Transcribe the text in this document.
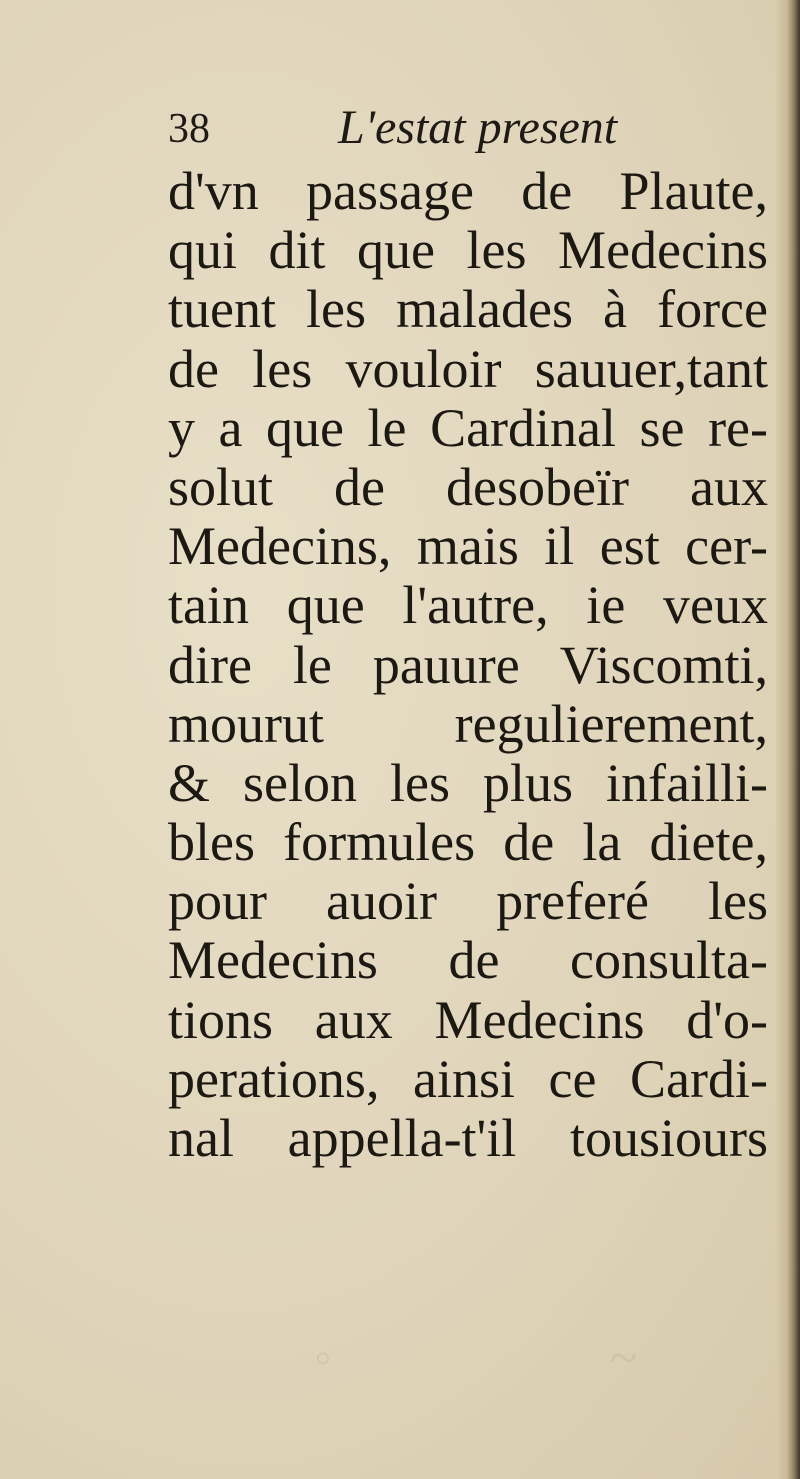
38	L'estat present
d'vn passage de Plaute,
qui dit que les Medecins
tuent les malades à force
de les vouloir sauuer,tant
y a que le Cardinal se re-
solut de desobeïr aux
Medecins, mais il est cer-
tain que l'autre, ie veux
dire le pauure Viscomti,
mourut regulierement,
& selon les plus infailli-
bles formules de la diete,
pour auoir preferé les
Medecins de consulta-
tions aux Medecins d'o-
perations, ainsi ce Cardi-
nal appella-t'il tousiours
◦	~
